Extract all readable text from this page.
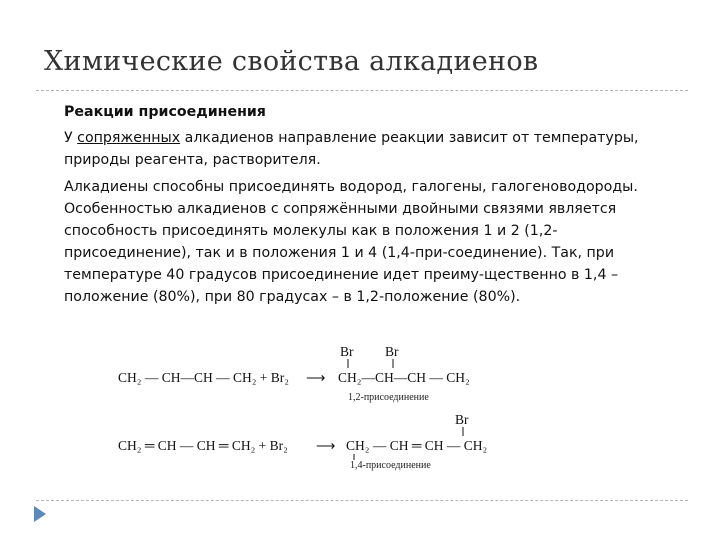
Химические свойства алкадиенов

Реакции присоединения

У сопряженных алкадиенов направление реакции зависит от температуры, природы реагента, растворителя.

Алкадиены способны присоединять водород, галогены, галогеноводороды. Особенностью алкадиенов с сопряжёнными двойными связями является способность присоединять молекулы как в положения 1 и 2 (1,2-присоединение), так и в положения 1 и 4 (1,4-при-соединение). Так, при температуре 40 градусов присоединение идет преиму-щественно в 1,4 – положение (80%), при 80 градусах – в 1,2-положение (80%).

Br Br
CH₂ — CH—CH — CH₂ + Br₂ ⟶ CH₂—CH—CH — CH₂
1,2-присоединение
Br
CH₂ ═ CH — CH ═ CH₂ + Br₂ ⟶ CH₂ — CH ═ CH — CH₂
1,4-присоединение
